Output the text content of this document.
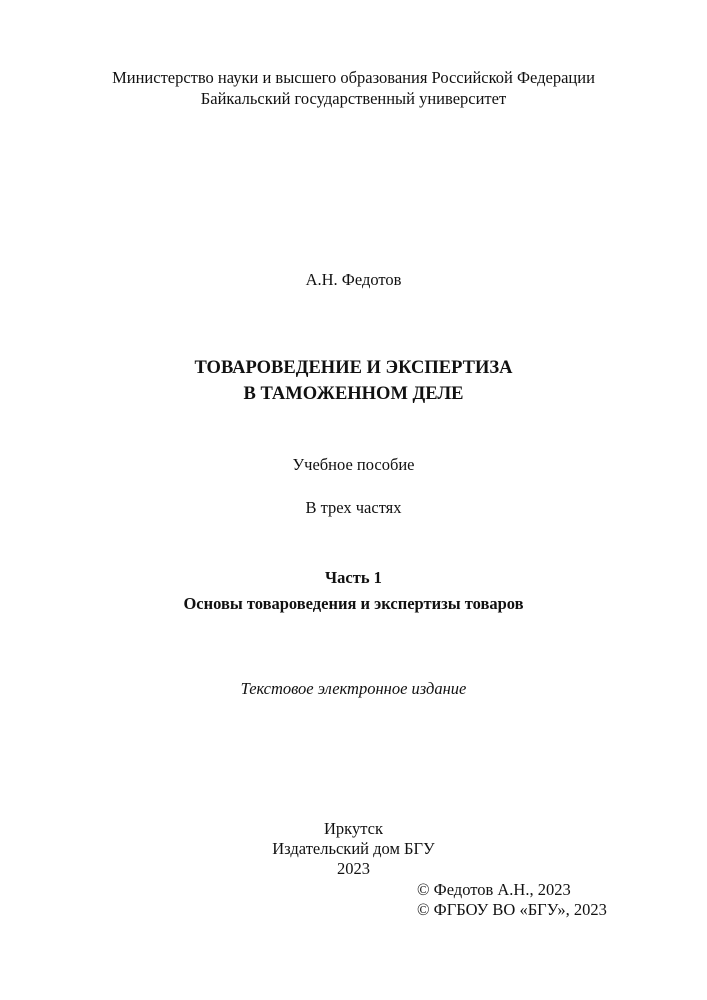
Министерство науки и высшего образования Российской Федерации
Байкальский государственный университет
А.Н. Федотов
ТОВАРОВЕДЕНИЕ И ЭКСПЕРТИЗА
В ТАМОЖЕННОМ ДЕЛЕ
Учебное пособие
В трех частях
Часть 1
Основы товароведения и экспертизы товаров
Текстовое электронное издание
Иркутск
Издательский дом БГУ
2023
© Федотов А.Н., 2023
© ФГБОУ ВО «БГУ», 2023
